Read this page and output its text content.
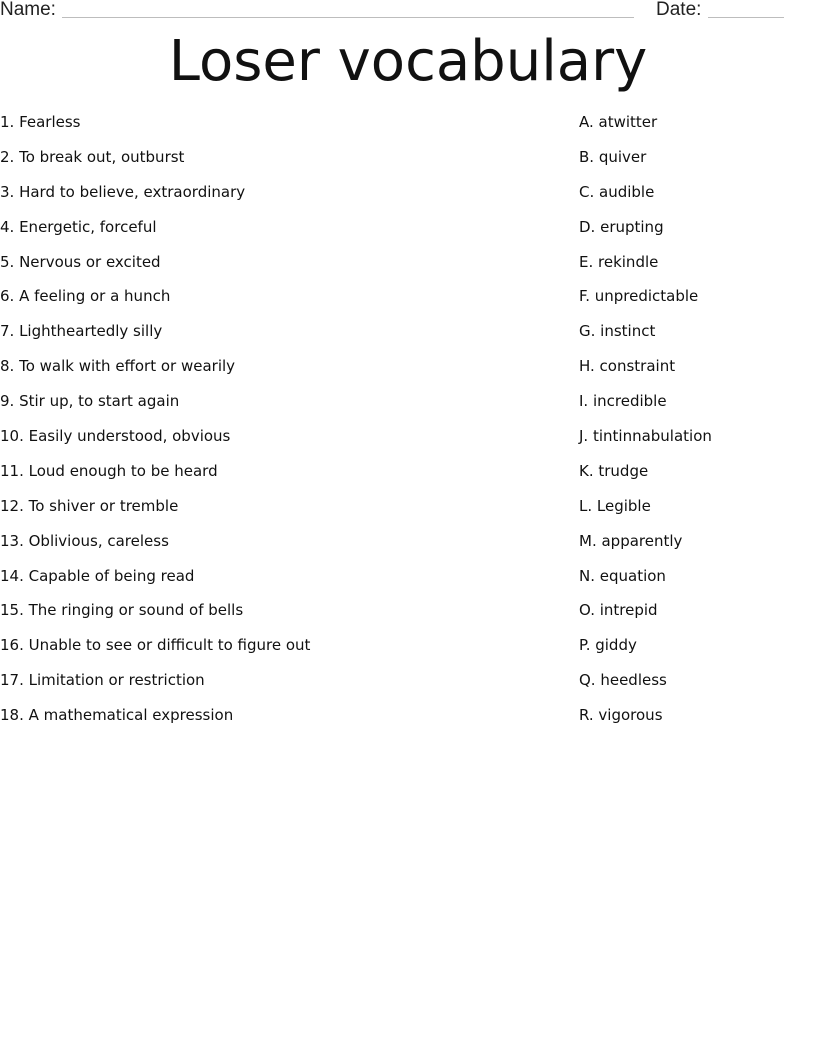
Name:	Date:
Loser vocabulary
1. Fearless
2. To break out, outburst
3. Hard to believe, extraordinary
4. Energetic, forceful
5. Nervous or excited
6. A feeling or a hunch
7. Lightheartedly silly
8. To walk with effort or wearily
9. Stir up, to start again
10. Easily understood, obvious
11. Loud enough to be heard
12. To shiver or tremble
13. Oblivious, careless
14. Capable of being read
15. The ringing or sound of bells
16. Unable to see or difficult to figure out
17. Limitation or restriction
18. A mathematical expression
A. atwitter
B. quiver
C. audible
D. erupting
E. rekindle
F. unpredictable
G. instinct
H. constraint
I. incredible
J. tintinnabulation
K. trudge
L. Legible
M. apparently
N. equation
O. intrepid
P. giddy
Q. heedless
R. vigorous
